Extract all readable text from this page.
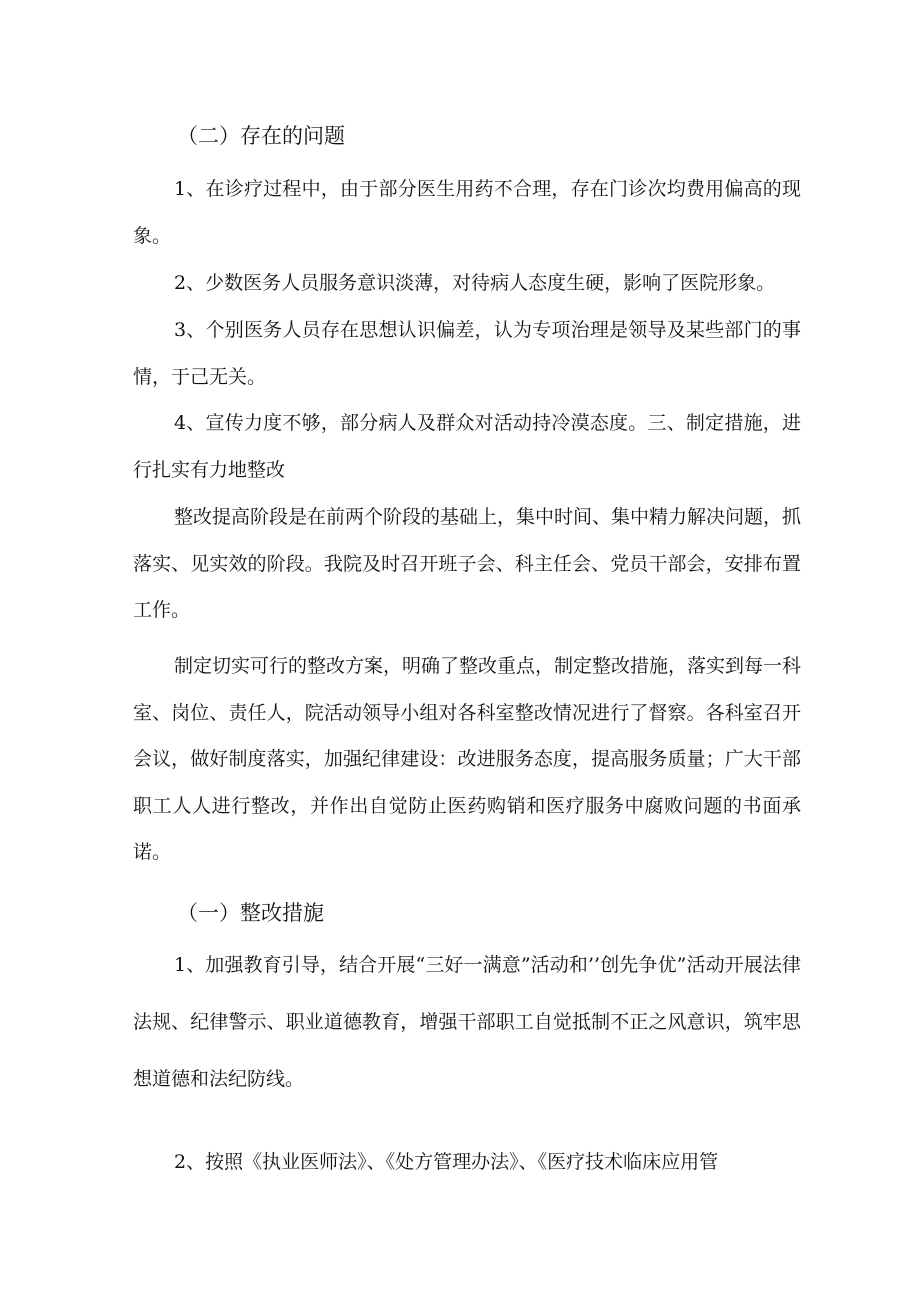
（二）存在的问题

1、在诊疗过程中，由于部分医生用药不合理，存在门诊次均费用偏高的现象。

2、少数医务人员服务意识淡薄，对待病人态度生硬，影响了医院形象。

3、个别医务人员存在思想认识偏差，认为专项治理是领导及某些部门的事情，于己无关。

4、宣传力度不够，部分病人及群众对活动持冷漠态度。三、制定措施，进行扎实有力地整改

整改提高阶段是在前两个阶段的基础上，集中时间、集中精力解决问题，抓落实、见实效的阶段。我院及时召开班子会、科主任会、党员干部会，安排布置工作。

制定切实可行的整改方案，明确了整改重点，制定整改措施，落实到每一科室、岗位、责任人，院活动领导小组对各科室整改情况进行了督察。各科室召开会议，做好制度落实，加强纪律建设：改进服务态度，提高服务质量；广大干部职工人人进行整改，并作出自觉防止医药购销和医疗服务中腐败问题的书面承诺。

（一）整改措旎

1、加强教育引导，结合开展“三好一满意”活动和’’创先争优”活动开展法律法规、纪律警示、职业道德教育，增强干部职工自觉抵制不正之风意识，筑牢思想道德和法纪防线。

2、按照《执业医师法》、《处方管理办法》、《医疗技术临床应用管
